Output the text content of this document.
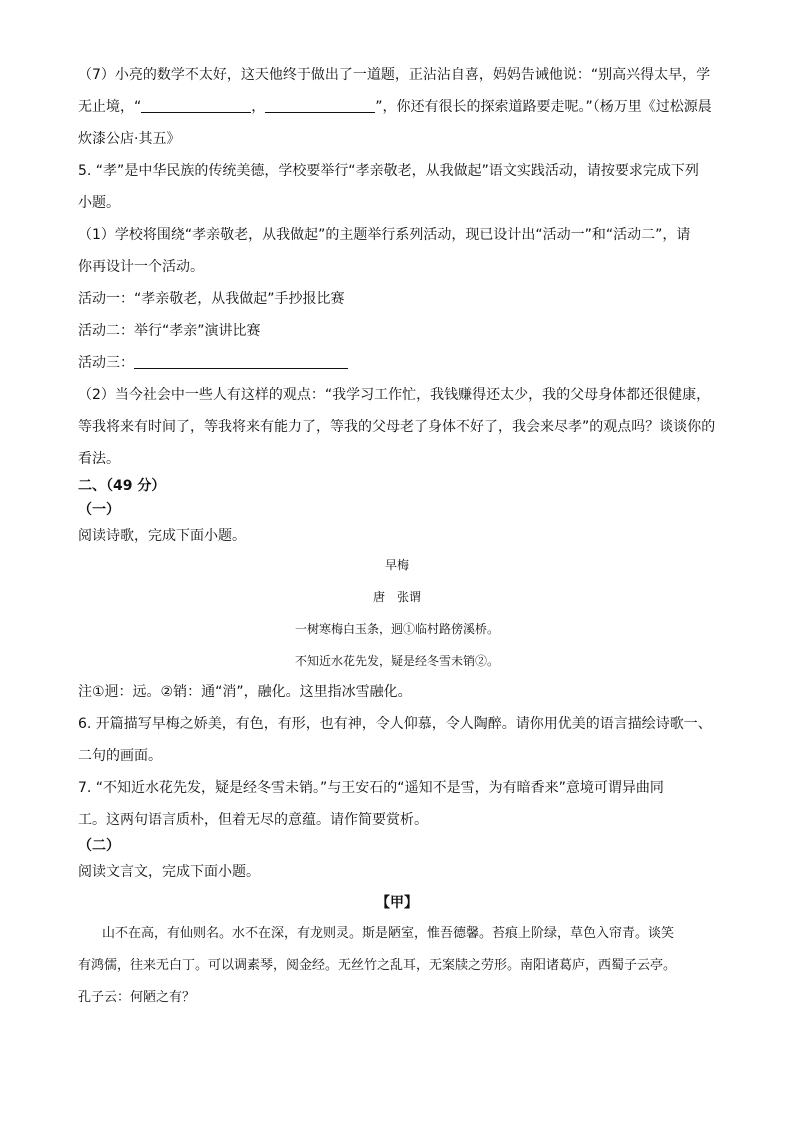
（7）小亮的数学不太好，这天他终于做出了一道题，正沾沾自喜，妈妈告诫他说：“别高兴得太早，学
无止境，“	，	”，你还有很长的探索道路要走呢。”（杨万里《过松源晨
炊漆公店·其五》
5. “孝”是中华民族的传统美德，学校要举行“孝亲敬老，从我做起”语文实践活动，请按要求完成下列
小题。
（1）学校将围绕“孝亲敬老，从我做起”的主题举行系列活动，现已设计出“活动一”和“活动二”，请
你再设计一个活动。
活动一：“孝亲敬老，从我做起”手抄报比赛
活动二：举行“孝亲”演讲比赛
活动三：
（2）当今社会中一些人有这样的观点：“我学习工作忙，我钱赚得还太少，我的父母身体都还很健康，
等我将来有时间了，等我将来有能力了，等我的父母老了身体不好了，我会来尽孝”的观点吗？谈谈你的
看法。
二、（49 分）
（一）
阅读诗歌，完成下面小题。
早梅
唐　张谓
一树寒梅白玉条，迥①临村路傍溪桥。
不知近水花先发，疑是经冬雪未销②。
注①迥：远。②销：通“消”，融化。这里指冰雪融化。
6. 开篇描写早梅之娇美，有色，有形，也有神，令人仰慕，令人陶醉。请你用优美的语言描绘诗歌一、
二句的画面。
7. “不知近水花先发，疑是经冬雪未销。”与王安石的“遥知不是雪，为有暗香来”意境可谓异曲同
工。这两句语言质朴，但着无尽的意蕴。请作简要赏析。
（二）
阅读文言文，完成下面小题。
【甲】
山不在高，有仙则名。水不在深，有龙则灵。斯是陋室，惟吾德馨。苔痕上阶绿，草色入帘青。谈笑
有鸿儒，往来无白丁。可以调素琴，阅金经。无丝竹之乱耳，无案牍之劳形。南阳诸葛庐，西蜀子云亭。
孔子云：何陋之有？
